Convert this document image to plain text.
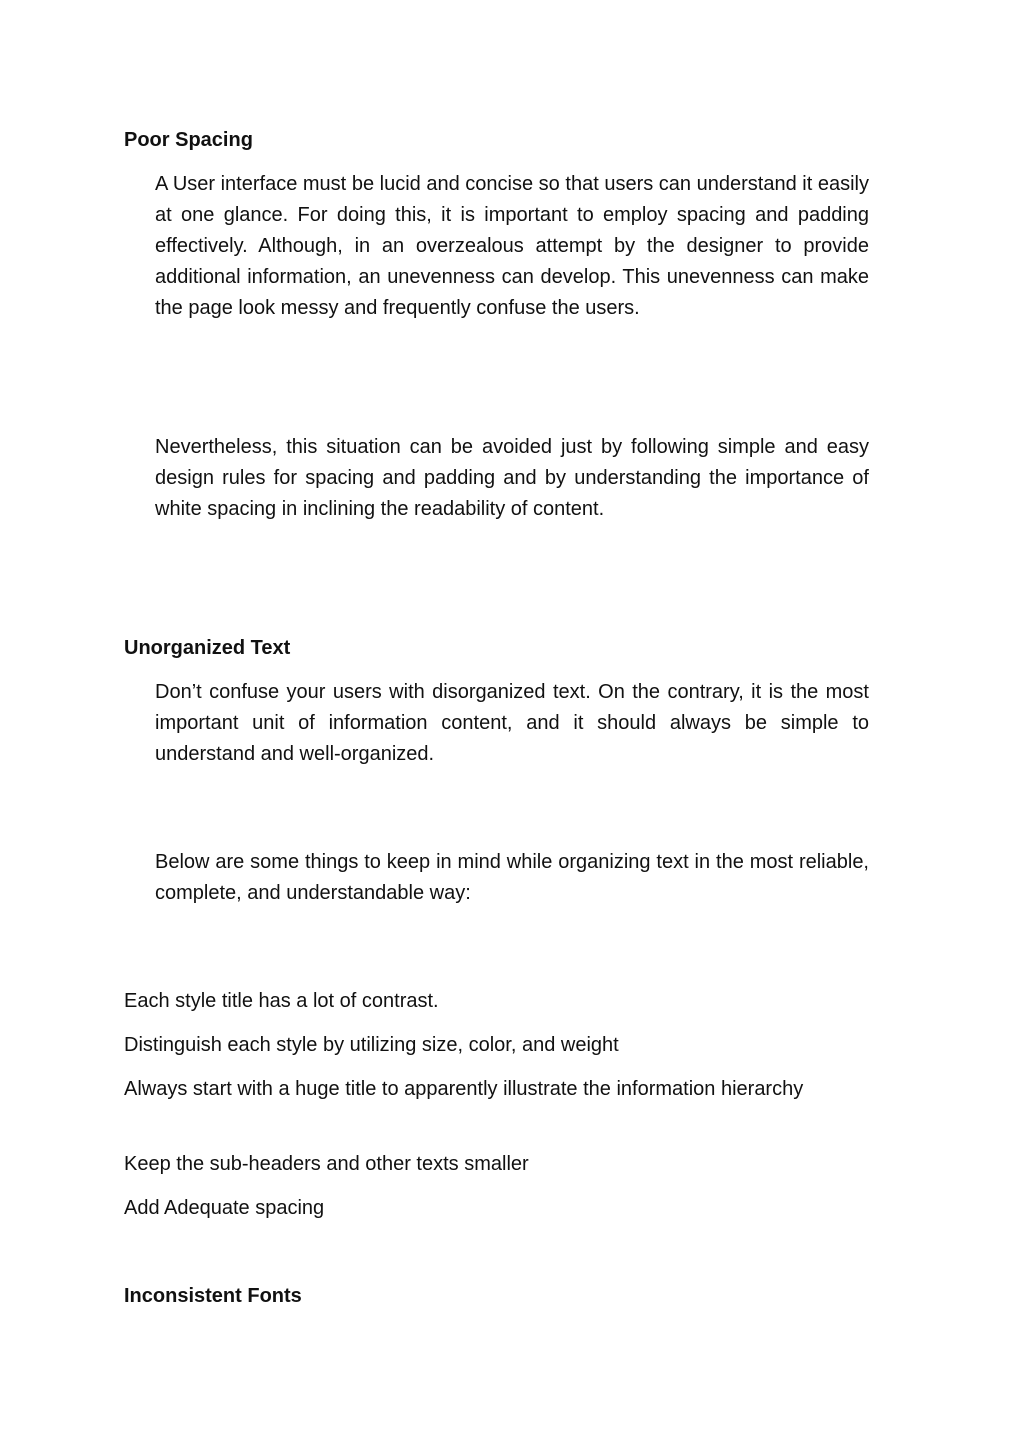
Poor Spacing

A User interface must be lucid and concise so that users can understand it easily at one glance. For doing this, it is important to employ spacing and padding effectively. Although, in an overzealous attempt by the designer to provide additional information, an unevenness can develop. This unevenness can make the page look messy and frequently confuse the users.

Nevertheless, this situation can be avoided just by following simple and easy design rules for spacing and padding and by understanding the importance of white spacing in inclining the readability of content.

Unorganized Text

Don’t confuse your users with disorganized text. On the contrary, it is the most important unit of information content, and it should always be simple to understand and well-organized.

Below are some things to keep in mind while organizing text in the most reliable, complete, and understandable way:

Each style title has a lot of contrast.

Distinguish each style by utilizing size, color, and weight

Always start with a huge title to apparently illustrate the information hierarchy

Keep the sub-headers and other texts smaller

Add Adequate spacing

Inconsistent Fonts
